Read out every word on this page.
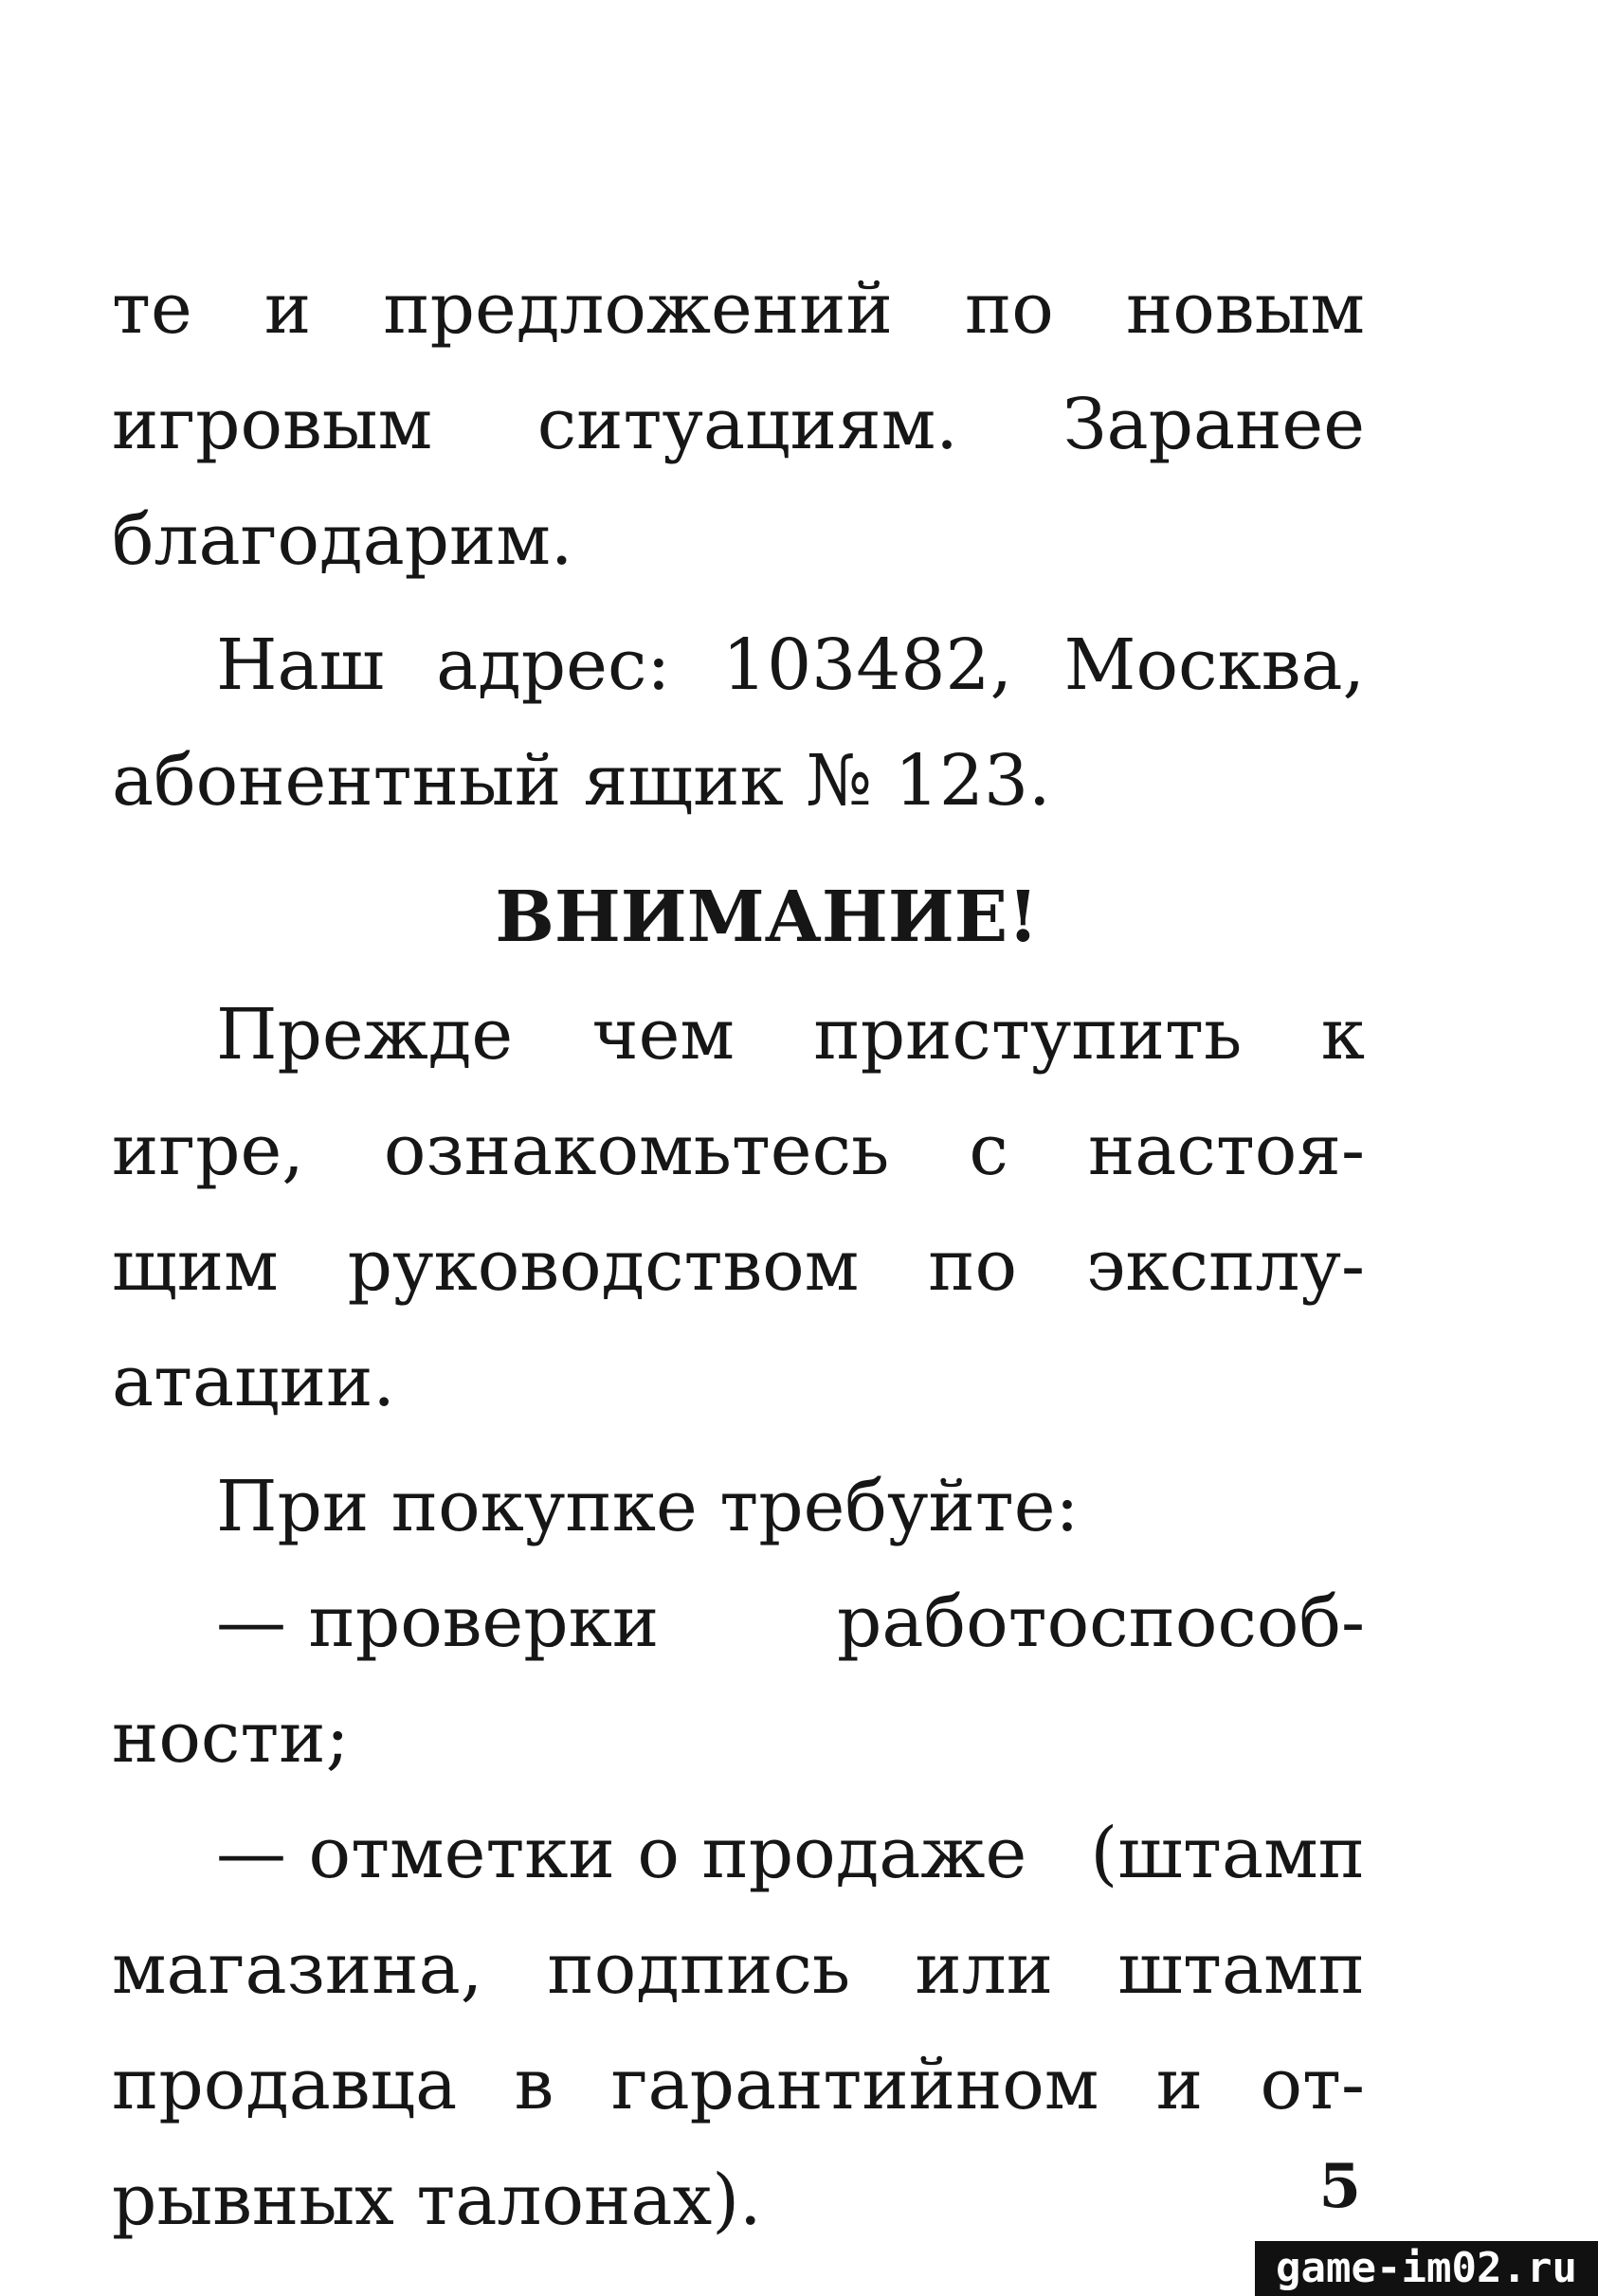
те и предложений по новым
игровым ситуациям. Заранее
благодарим.
Наш адрес: 103482, Москва,
абонентный ящик № 123.
ВНИМАНИЕ!
Прежде чем приступить к
игре, ознакомьтесь с настоя-
щим руководством по эксплу-
атации.
При покупке требуйте:
— проверки	работоспособ-
ности;
— отметки о продаже (штамп
магазина, подпись или штамп
продавца в гарантийном и от-
рывных талонах).	5
game-im02.ru
